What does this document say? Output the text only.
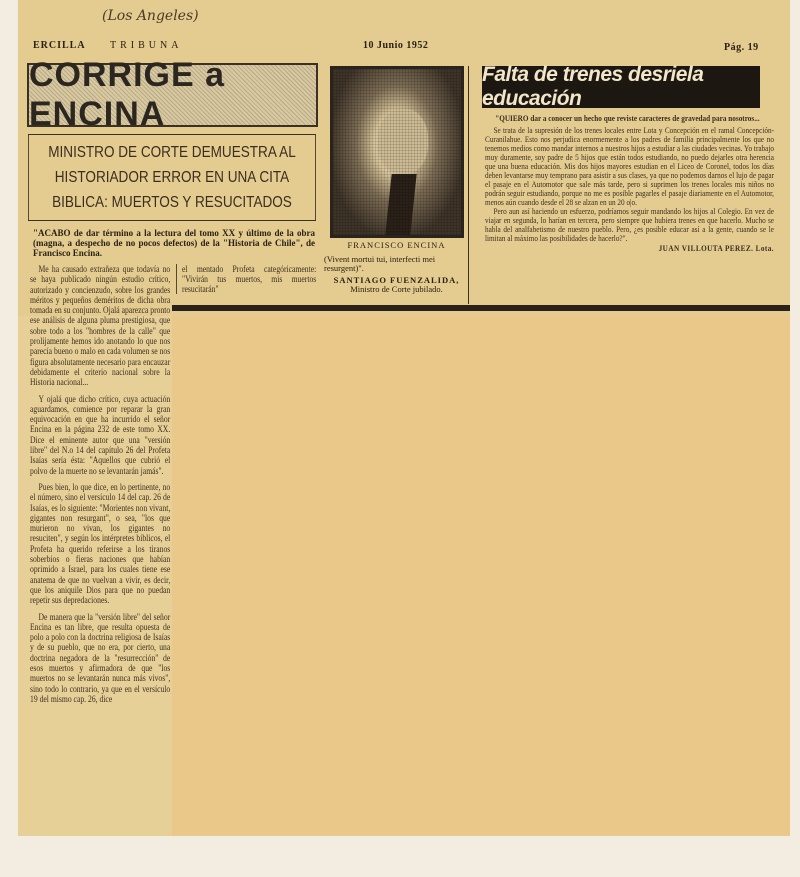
(Los Angeles)
ERCILLA TRIBUNA	10 Junio 1952	Pág. 19
CORRIGE a ENCINA
MINISTRO DE CORTE DEMUESTRA AL HISTORIADOR ERROR EN UNA CITA BIBLICA: MUERTOS Y RESUCITADOS
"ACABO de dar término a la lectura del tomo XX y último de la obra (magna, a despecho de no pocos defectos) de la "Historia de Chile", de Francisco Encina.

Me ha causado extrañeza que todavía no se haya publicado ningún estudio crítico, autorizado y concienzudo, sobre los grandes méritos y pequeños deméritos de dicha obra tomada en su conjunto. Ojalá aparezca pronto ese análisis de alguna pluma prestigiosa, que sobre todo a los "hombres de la calle" que prolijamente hemos ido anotando lo que nos parecía bueno o malo en cada volumen se nos figura absolutamente necesario para encauzar debidamente el criterio nacional sobre la Historia nacional...

Y ojalá que dicho crítico, cuya actuación aguardamos, comience por reparar la gran equivocación en que ha incurrido el señor Encina en la página 232 de este tomo XX. Dice el eminente autor que una "versión libre" del N.o 14 del capítulo 26 del Profeta Isaías sería ésta: "Aquellos que cubrió el polvo de la muerte no se levantarán jamás".

Pues bien, lo que dice, en lo pertinente, no el número, sino el versículo 14 del cap. 26 de Isaías, es lo siguiente: "Morientes non vivant, gigantes non resurgant", o sea, "los que murieron no vivan, los gigantes no resuciten", y según los intérpretes bíblicos, el Profeta ha querido referirse a los tiranos soberbios o fieras naciones que habían oprimido a Israel, para los cuales tiene ese anatema de que no vuelvan a vivir, es decir, que los aniquile Dios para que no puedan repetir sus depredaciones.

De manera que la "versión libre" del señor Encina es tan libre, que resulta opuesta de polo a polo con la doctrina religiosa de Isaías y de su pueblo, que no era, por cierto, una doctrina negadora de la "resurrección" de esos muertos y afirmadora de que "los muertos no se levantarán nunca más vivos", sino todo lo contrario, ya que en el versículo 19 del mismo cap. 26, dice

el mentado Profeta categóricamente: "Vivirán tus muertos, mis muertos resucitarán"
FRANCISCO ENCINA
(Vivent mortui tui, interfecti mei resurgent)".
SANTIAGO FUENZALIDA,
Ministro de Corte jubilado.
Falta de trenes desriela educación

"QUIERO dar a conocer un hecho que reviste caracteres de gravedad para nosotros...

Se trata de la supresión de los trenes locales entre Lota y Concepción en el ramal Concepción-Curanilahue. Esto nos perjudica enormemente a los padres de familia principalmente los que no tenemos medios como mandar internos a nuestros hijos a estudiar a las ciudades vecinas. Yo trabajo muy duramente, soy padre de 5 hijos que están todos estudiando, no puedo dejarles otra herencia que una buena educación. Mis dos hijos mayores estudian en el Liceo de Coronel, todos los días deben levantarse muy temprano para asistir a sus clases, ya que no podemos darnos el lujo de pagar el pasaje en el Automotor que sale más tarde, pero si suprimen los trenes locales mis niños no podrán seguir estudiando, porque no me es posible pagarles el pasaje diariamente en el Automotor, menos aún cuando desde el 28 se alzan en un 20 o|o.

Pero aun así haciendo un esfuerzo, podríamos seguir mandando los hijos al Colegio. En vez de viajar en segunda, lo harían en tercera, pero siempre que hubiera trenes en que hacerlo. Mucho se habla del analfabetismo de nuestro pueblo. Pero, ¿es posible educar así a la gente, cuando se le limitan al máximo las posibilidades de hacerlo?".

JUAN VILLOUTA PEREZ. Lota.
